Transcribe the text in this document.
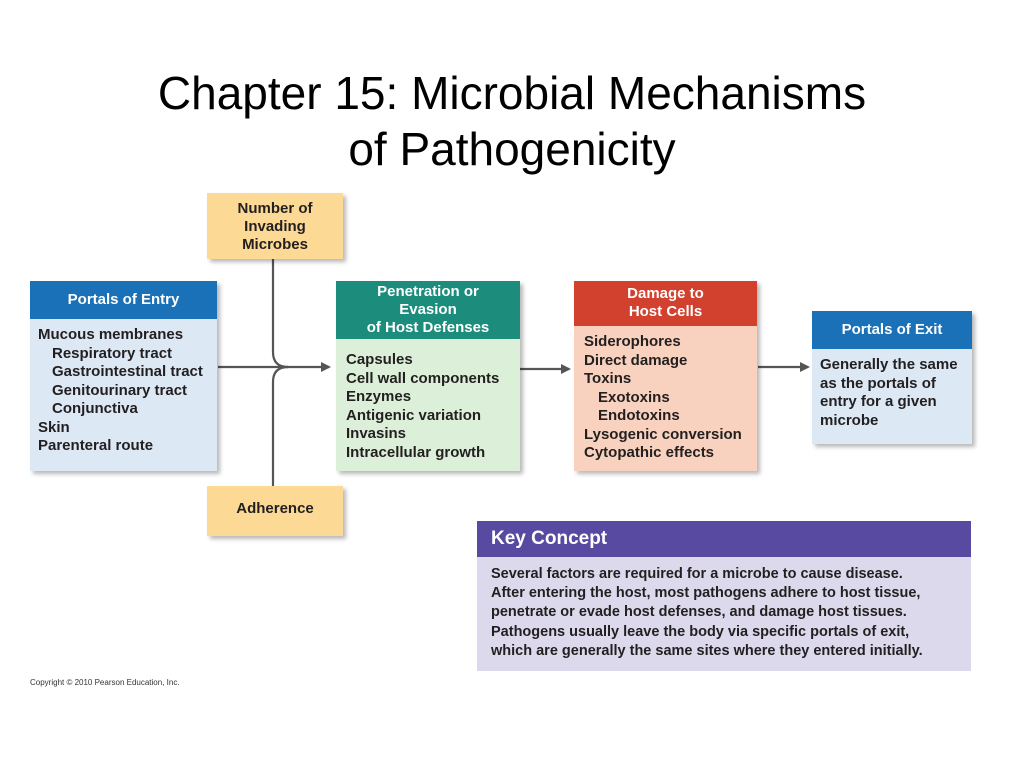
Chapter 15: Microbial Mechanisms
of Pathogenicity
Number of
Invading
Microbes
Adherence
Portals of Entry
Mucous membranes
Respiratory tract
Gastrointestinal tract
Genitourinary tract
Conjunctiva
Skin
Parenteral route
Penetration or
Evasion
of Host Defenses
Capsules
Cell wall components
Enzymes
Antigenic variation
Invasins
Intracellular growth
Damage to
Host Cells
Siderophores
Direct damage
Toxins
Exotoxins
Endotoxins
Lysogenic conversion
Cytopathic effects
Portals of Exit
Generally the same
as the portals of
entry for a given
microbe
Key Concept
Several factors are required for a microbe to cause disease.
After entering the host, most pathogens adhere to host tissue,
penetrate or evade host defenses, and damage host tissues.
Pathogens usually leave the body via specific portals of exit,
which are generally the same sites where they entered initially.
Copyright © 2010 Pearson Education, Inc.
